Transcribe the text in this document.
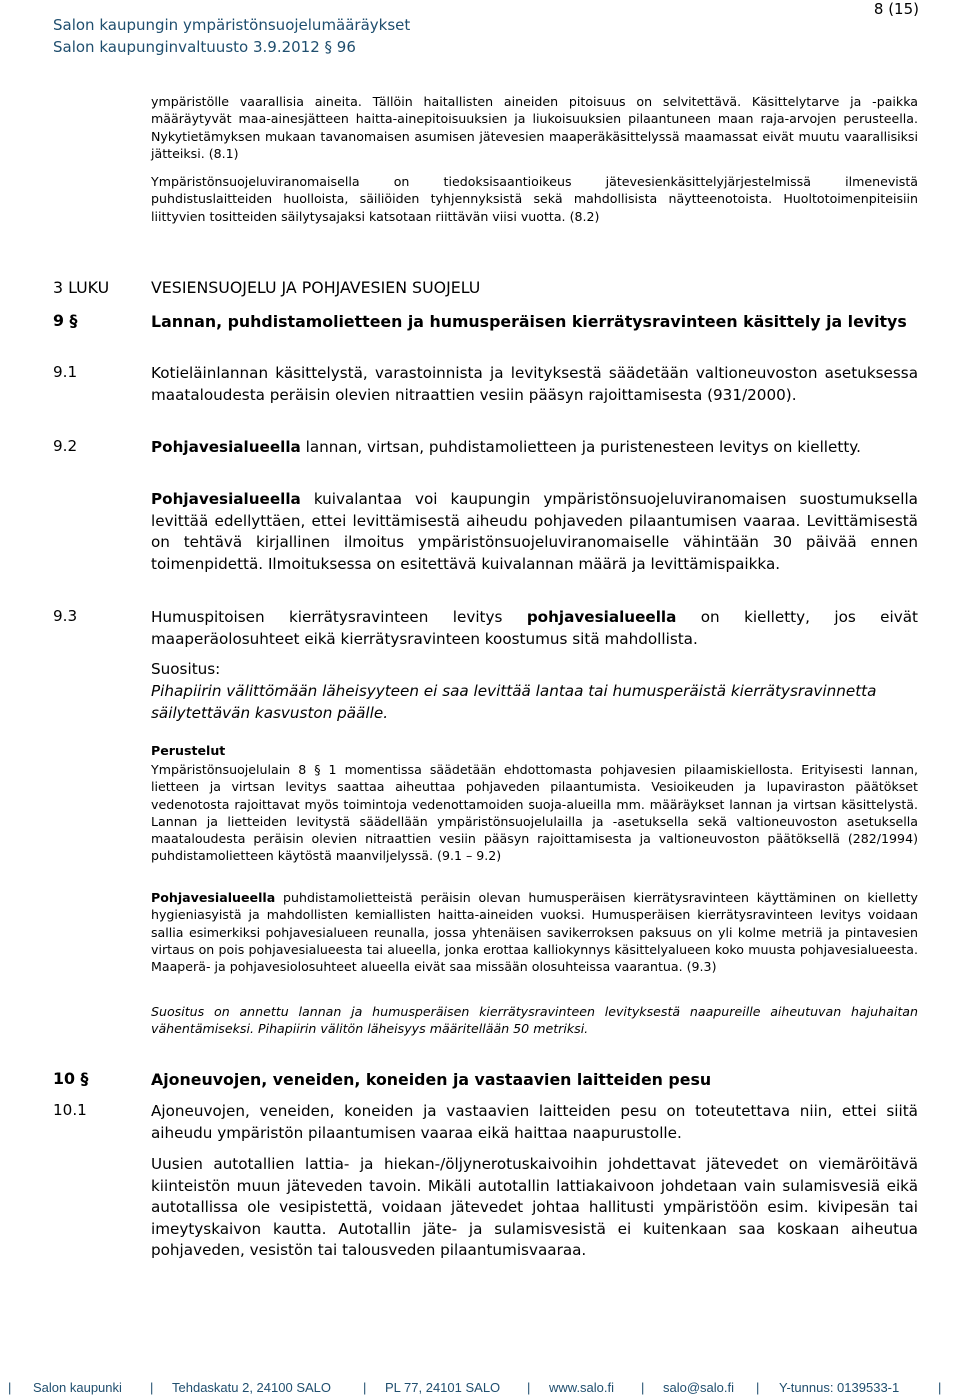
Salon kaupungin ympäristönsuojelumääräykset
Salon kaupunginvaltuusto 3.9.2012 § 96
8 (15)

ympäristölle vaarallisia aineita. Tällöin haitallisten aineiden pitoisuus on selvitettävä. Käsittelytarve ja -paikka määräytyvät maa-ainesjätteen haitta-ainepitoisuuksien ja liukoisuuksien pilaantuneen maan raja-arvojen perusteella. Nykytietämyksen mukaan tavanomaisen asumisen jätevesien maaperäkäsittelyssä maamassat eivät muutu vaarallisiksi jätteiksi. (8.1)

Ympäristönsuojeluviranomaisella on tiedoksisaantioikeus jätevesienkäsittelyjärjestelmissä ilmenevistä puhdistuslaitteiden huolloista, säiliöiden tyhjennyksistä sekä mahdollisista näytteenotoista. Huoltotoimenpiteisiin liittyvien tositteiden säilytysajaksi katsotaan riittävän viisi vuotta. (8.2)

3 LUKU	VESIENSUOJELU JA POHJAVESIEN SUOJELU
9 §	Lannan, puhdistamolietteen ja humusperäisen kierrätysravinteen käsittely ja levitys

9.1	Kotieläinlannan käsittelystä, varastoinnista ja levityksestä säädetään valtioneuvoston asetuksessa maataloudesta peräisin olevien nitraattien vesiin pääsyn rajoittamisesta (931/2000).

9.2	Pohjavesialueella lannan, virtsan, puhdistamolietteen ja puristenesteen levitys on kielletty.

Pohjavesialueella kuivalantaa voi kaupungin ympäristönsuojeluviranomaisen suostumuksella levittää edellyttäen, ettei levittämisestä aiheudu pohjaveden pilaantumisen vaaraa. Levittämisestä on tehtävä kirjallinen ilmoitus ympäristönsuojeluviranomaiselle vähintään 30 päivää ennen toimenpidettä. Ilmoituksessa on esitettävä kuivalannan määrä ja levittämispaikka.

9.3	Humuspitoisen kierrätysravinteen levitys pohjavesialueella on kielletty, jos eivät maaperäolosuhteet eikä kierrätysravinteen koostumus sitä mahdollista.

Suositus:

Pihapiirin välittömään läheisyyteen ei saa levittää lantaa tai humusperäistä kierrätysravinnetta säilytettävän kasvuston päälle.

Perustelut

Ympäristönsuojelulain 8 § 1 momentissa säädetään ehdottomasta pohjavesien pilaamiskiellosta. Erityisesti lannan, lietteen ja virtsan levitys saattaa aiheuttaa pohjaveden pilaantumista. Vesioikeuden ja lupaviraston päätökset vedenotosta rajoittavat myös toimintoja vedenottamoiden suoja-alueilla mm. määräykset lannan ja virtsan käsittelystä. Lannan ja lietteiden levitystä säädellään ympäristönsuojelulailla ja -asetuksella sekä valtioneuvoston asetuksella maataloudesta peräisin olevien nitraattien vesiin pääsyn rajoittamisesta ja valtioneuvoston päätöksellä (282/1994) puhdistamolietteen käytöstä maanviljelyssä. (9.1 – 9.2)

Pohjavesialueella puhdistamolietteistä peräisin olevan humusperäisen kierrätysravinteen käyttäminen on kielletty hygieniasyistä ja mahdollisten kemiallisten haitta-aineiden vuoksi. Humusperäisen kierrätysravinteen levitys voidaan sallia esimerkiksi pohjavesialueen reunalla, jossa yhtenäisen savikerroksen paksuus on yli kolme metriä ja pintavesien virtaus on pois pohjavesialueesta tai alueella, jonka erottaa kalliokynnys käsittelyalueen koko muusta pohjavesialueesta. Maaperä- ja pohjavesiolosuhteet alueella eivät saa missään olosuhteissa vaarantua. (9.3)

Suositus on annettu lannan ja humusperäisen kierrätysravinteen levityksestä naapureille aiheutuvan hajuhaitan vähentämiseksi. Pihapiirin välitön läheisyys määritellään 50 metriksi.

10 §	Ajoneuvojen, veneiden, koneiden ja vastaavien laitteiden pesu

10.1	Ajoneuvojen, veneiden, koneiden ja vastaavien laitteiden pesu on toteutettava niin, ettei siitä aiheudu ympäristön pilaantumisen vaaraa eikä haittaa naapurustolle.

Uusien autotallien lattia- ja hiekan-/öljynerotuskaivoihin johdettavat jätevedet on viemäröitävä kiinteistön muun jäteveden tavoin. Mikäli autotallin lattiakaivoon johdetaan vain sulamisvesiä eikä autotallissa ole vesipistettä, voidaan jätevedet johtaa hallitusti ympäristöön esim. kivipesän tai imeytyskaivon kautta. Autotallin jäte- ja sulamisvesistä ei kuitenkaan saa koskaan aiheutua pohjaveden, vesistön tai talousveden pilaantumisvaaraa.

| Salon kaupunki | Tehdaskatu 2, 24100 SALO | PL 77, 24101 SALO | www.salo.fi | salo@salo.fi | Y-tunnus: 0139533-1	|
